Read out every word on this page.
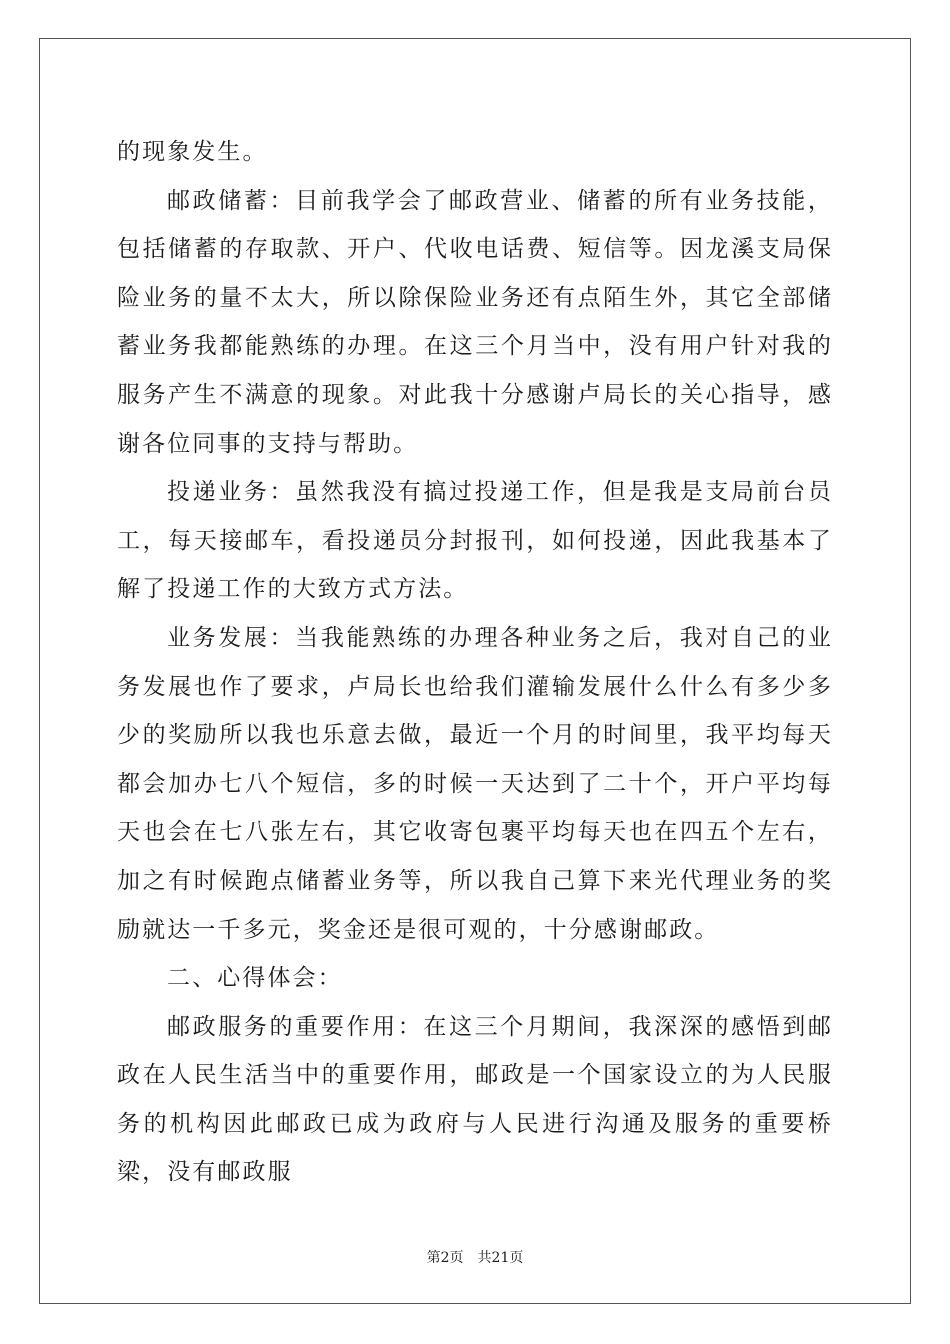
的现象发生。

邮政储蓄：目前我学会了邮政营业、储蓄的所有业务技能，包括储蓄的存取款、开户、代收电话费、短信等。因龙溪支局保险业务的量不太大，所以除保险业务还有点陌生外，其它全部储蓄业务我都能熟练的办理。在这三个月当中，没有用户针对我的服务产生不满意的现象。对此我十分感谢卢局长的关心指导，感谢各位同事的支持与帮助。

投递业务：虽然我没有搞过投递工作，但是我是支局前台员工，每天接邮车，看投递员分封报刊，如何投递，因此我基本了解了投递工作的大致方式方法。

业务发展：当我能熟练的办理各种业务之后，我对自己的业务发展也作了要求，卢局长也给我们灌输发展什么什么有多少多少的奖励所以我也乐意去做，最近一个月的时间里，我平均每天都会加办七八个短信，多的时候一天达到了二十个，开户平均每天也会在七八张左右，其它收寄包裹平均每天也在四五个左右，加之有时候跑点储蓄业务等，所以我自己算下来光代理业务的奖励就达一千多元，奖金还是很可观的，十分感谢邮政。

二、心得体会：

邮政服务的重要作用：在这三个月期间，我深深的感悟到邮政在人民生活当中的重要作用，邮政是一个国家设立的为人民服务的机构因此邮政已成为政府与人民进行沟通及服务的重要桥梁，没有邮政服

第2页 共21页
